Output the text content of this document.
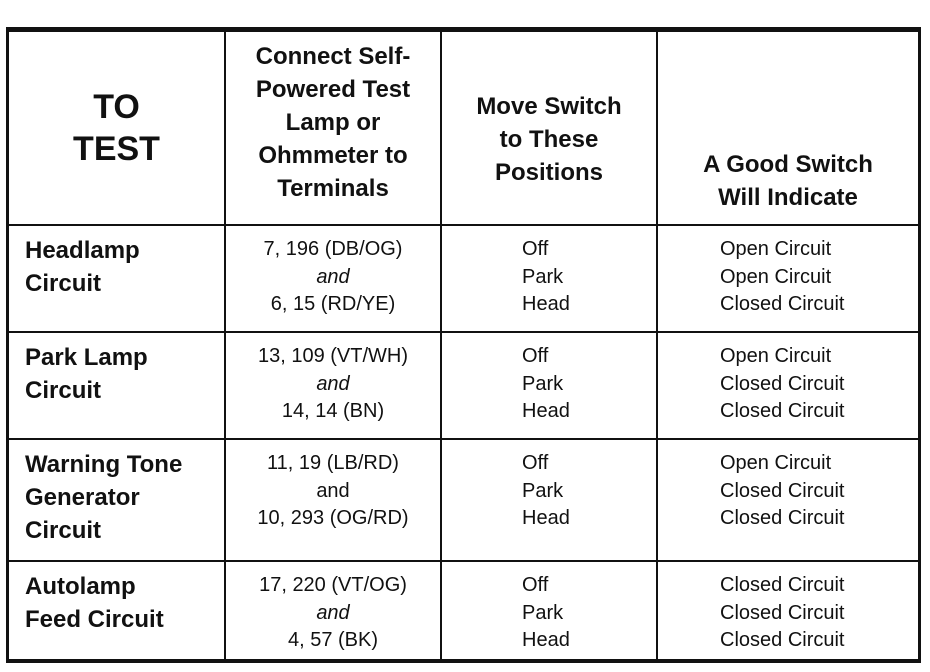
TO
TEST	Connect Self-
Powered Test
Lamp or
Ohmmeter to
Terminals	Move Switch
to These
Positions	A Good Switch
Will Indicate

Headlamp
Circuit	7, 196 (DB/OG)
and
6, 15 (RD/YE)	Off
Park
Head	Open Circuit
Open Circuit
Closed Circuit

Park Lamp
Circuit	13, 109 (VT/WH)
and
14, 14 (BN)	Off
Park
Head	Open Circuit
Closed Circuit
Closed Circuit

Warning Tone
Generator
Circuit	11, 19 (LB/RD)
and
10, 293 (OG/RD)	Off
Park
Head	Open Circuit
Closed Circuit
Closed Circuit

Autolamp
Feed Circuit	17, 220 (VT/OG)
and
4, 57 (BK)	Off
Park
Head	Closed Circuit
Closed Circuit
Closed Circuit
